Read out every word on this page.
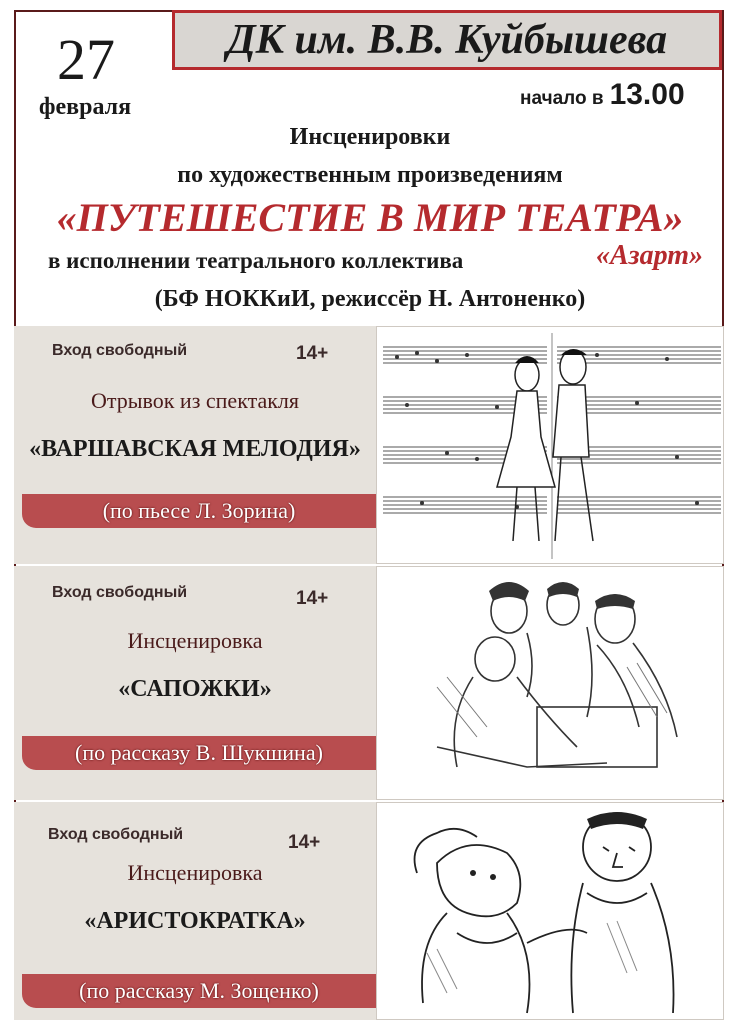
ДК им. В.В. Куйбышева
27
февраля	начало в 13.00
Инсценировки
по художественным произведениям
«ПУТЕШЕСТИЕ В МИР ТЕАТРА»
в исполнении театрального коллектива	«Азарт»
(БФ НОККиИ, режиссёр Н. Антоненко)
Вход свободный	14+
Отрывок из спектакля
«ВАРШАВСКАЯ МЕЛОДИЯ»
(по пьесе Л. Зорина)
Вход свободный	14+
Инсценировка
«САПОЖКИ»
(по рассказу В. Шукшина)
Вход свободный	14+
Инсценировка
«АРИСТОКРАТКА»
(по рассказу М. Зощенко)
